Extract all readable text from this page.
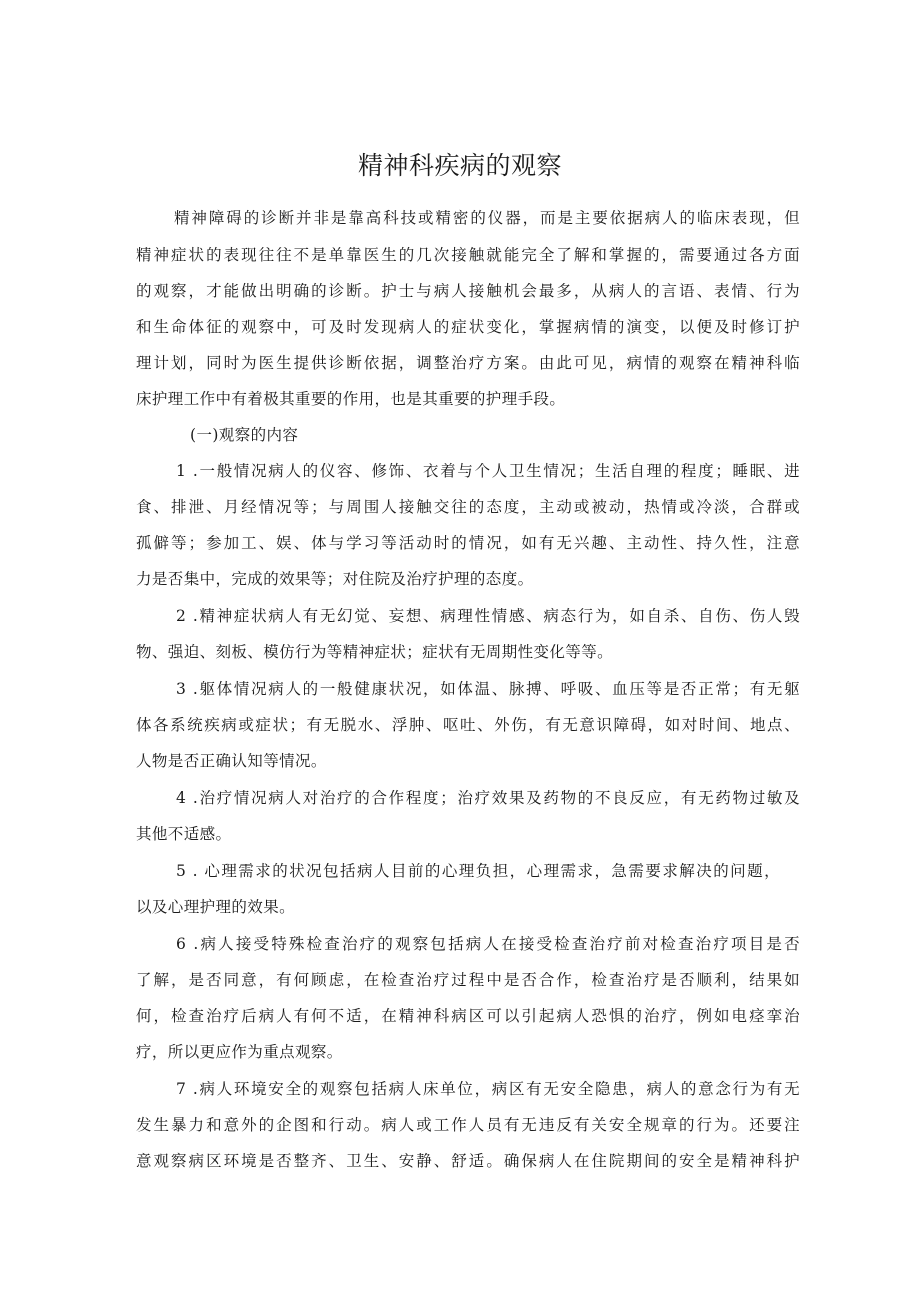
精神科疾病的观察
精神障碍的诊断并非是靠高科技或精密的仪器，而是主要依据病人的临床表现，但
精神症状的表现往往不是单靠医生的几次接触就能完全了解和掌握的，需要通过各方面
的观察，才能做出明确的诊断。护士与病人接触机会最多，从病人的言语、表情、行为
和生命体征的观察中，可及时发现病人的症状变化，掌握病情的演变，以便及时修订护
理计划，同时为医生提供诊断依据，调整治疗方案。由此可见，病情的观察在精神科临
床护理工作中有着极其重要的作用，也是其重要的护理手段。
(一)观察的内容
1 .一般情况病人的仪容、修饰、衣着与个人卫生情况；生活自理的程度；睡眠、进
食、排泄、月经情况等；与周围人接触交往的态度，主动或被动，热情或冷淡，合群或
孤僻等；参加工、娱、体与学习等活动时的情况，如有无兴趣、主动性、持久性，注意
力是否集中，完成的效果等；对住院及治疗护理的态度。
2 .精神症状病人有无幻觉、妄想、病理性情感、病态行为，如自杀、自伤、伤人毁
物、强迫、刻板、模仿行为等精神症状；症状有无周期性变化等等。
3 .躯体情况病人的一般健康状况，如体温、脉搏、呼吸、血压等是否正常；有无躯
体各系统疾病或症状；有无脱水、浮肿、呕吐、外伤，有无意识障碍，如对时间、地点、
人物是否正确认知等情况。
4 .治疗情况病人对治疗的合作程度；治疗效果及药物的不良反应，有无药物过敏及
其他不适感。
5 . 心理需求的状况包括病人目前的心理负担，心理需求，急需要求解决的问题，
以及心理护理的效果。
6 .病人接受特殊检查治疗的观察包括病人在接受检查治疗前对检查治疗项目是否
了解，是否同意，有何顾虑，在检查治疗过程中是否合作，检查治疗是否顺利，结果如
何，检查治疗后病人有何不适，在精神科病区可以引起病人恐惧的治疗，例如电痉挛治
疗，所以更应作为重点观察。
7 .病人环境安全的观察包括病人床单位，病区有无安全隐患，病人的意念行为有无
发生暴力和意外的企图和行动。病人或工作人员有无违反有关安全规章的行为。还要注
意观察病区环境是否整齐、卫生、安静、舒适。确保病人在住院期间的安全是精神科护
